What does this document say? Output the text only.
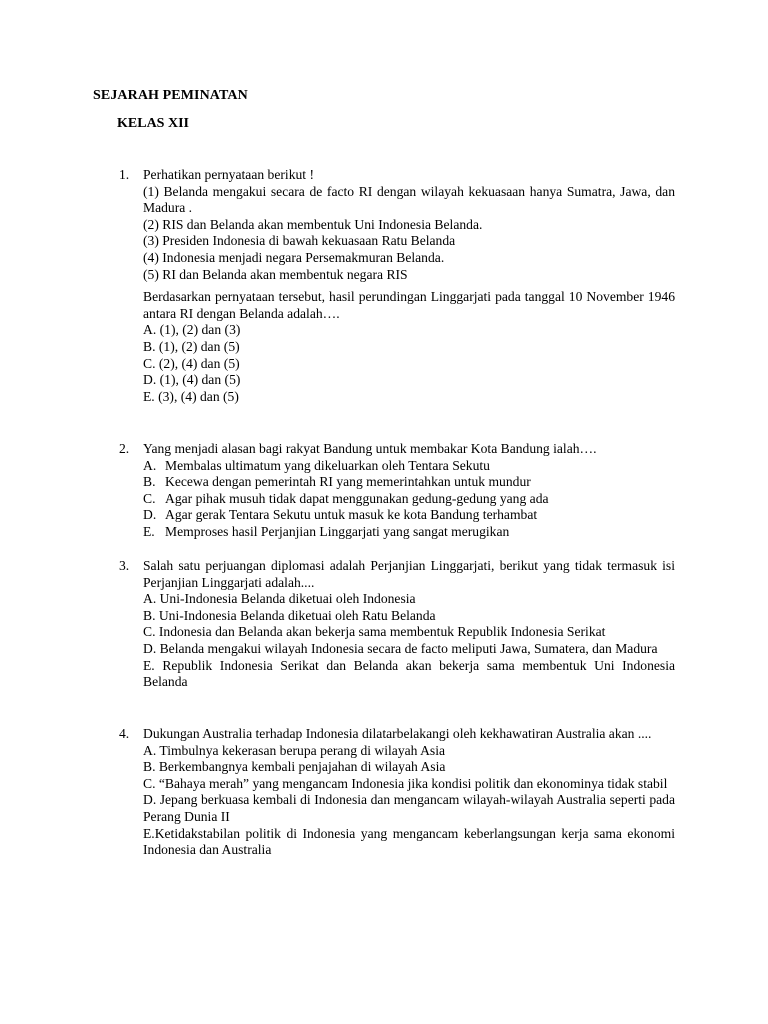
SEJARAH PEMINATAN
KELAS XII
1. Perhatikan pernyataan berikut !
(1) Belanda mengakui secara de facto RI dengan wilayah kekuasaan hanya Sumatra, Jawa, dan Madura .
(2) RIS dan Belanda akan membentuk Uni Indonesia Belanda.
(3) Presiden Indonesia di bawah kekuasaan Ratu Belanda
(4) Indonesia menjadi negara Persemakmuran Belanda.
(5) RI dan Belanda akan membentuk negara RIS
Berdasarkan pernyataan tersebut, hasil perundingan Linggarjati pada tanggal 10 November 1946 antara RI dengan Belanda adalah….
A. (1), (2) dan (3)
B. (1), (2) dan (5)
C. (2), (4) dan (5)
D. (1), (4) dan (5)
E. (3), (4) dan (5)
2. Yang menjadi alasan bagi rakyat Bandung untuk membakar Kota Bandung ialah….
A. Membalas ultimatum yang dikeluarkan oleh Tentara Sekutu
B. Kecewa dengan pemerintah RI yang memerintahkan untuk mundur
C. Agar pihak musuh tidak dapat menggunakan gedung-gedung yang ada
D. Agar gerak Tentara Sekutu untuk masuk ke kota Bandung terhambat
E. Memproses hasil Perjanjian Linggarjati yang sangat merugikan
3. Salah satu perjuangan diplomasi adalah Perjanjian Linggarjati, berikut yang tidak termasuk isi Perjanjian Linggarjati adalah....
A. Uni-Indonesia Belanda diketuai oleh Indonesia
B. Uni-Indonesia Belanda diketuai oleh Ratu Belanda
C. Indonesia dan Belanda akan bekerja sama membentuk Republik Indonesia Serikat
D. Belanda mengakui wilayah Indonesia secara de facto meliputi Jawa, Sumatera, dan Madura
E. Republik Indonesia Serikat dan Belanda akan bekerja sama membentuk Uni Indonesia Belanda
4. Dukungan Australia terhadap Indonesia dilatarbelakangi oleh kekhawatiran Australia akan ....
A. Timbulnya kekerasan berupa perang di wilayah Asia
B. Berkembangnya kembali penjajahan di wilayah Asia
C. “Bahaya merah” yang mengancam Indonesia jika kondisi politik dan ekonominya tidak stabil
D. Jepang berkuasa kembali di Indonesia dan mengancam wilayah-wilayah Australia seperti pada Perang Dunia II
E.Ketidakstabilan politik di Indonesia yang mengancam keberlangsungan kerja sama ekonomi Indonesia dan Australia
